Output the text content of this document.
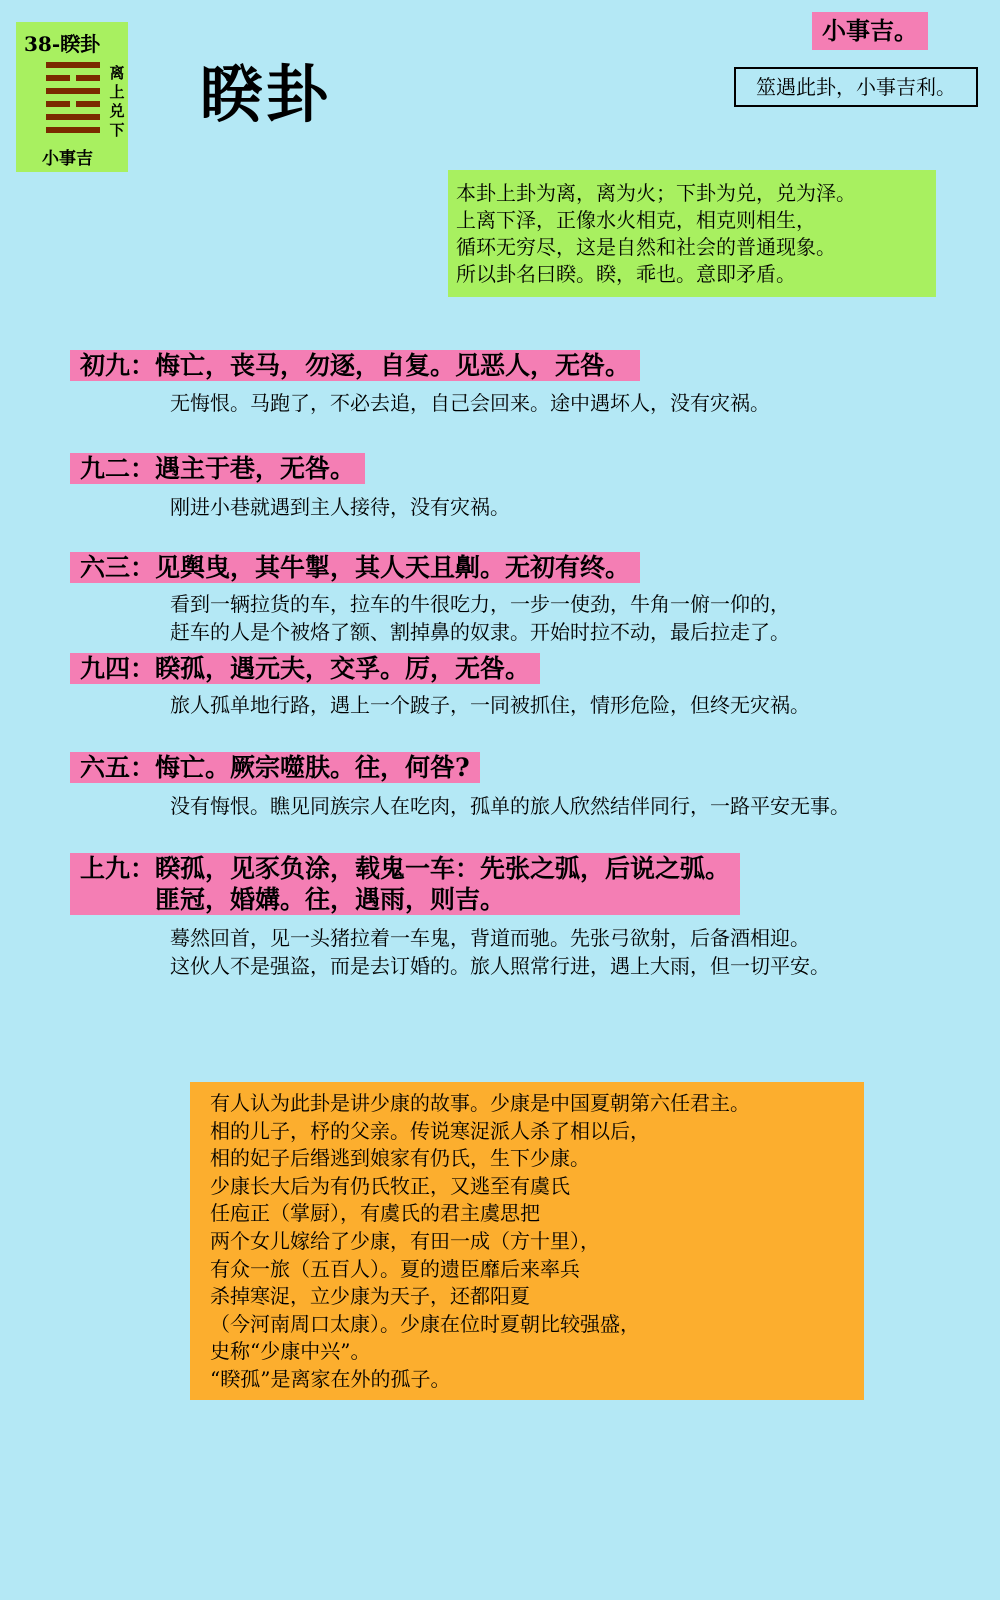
38-睽卦
离上
兑下
小事吉
睽卦
小事吉。
筮遇此卦，小事吉利。
本卦上卦为离，离为火；下卦为兑，兑为泽。
上离下泽，正像水火相克，相克则相生，
循环无穷尽，这是自然和社会的普通现象。
所以卦名曰睽。睽，乖也。意即矛盾。
初九：悔亡，丧马，勿逐，自复。见恶人，无咎。
无悔恨。马跑了，不必去追，自己会回来。途中遇坏人，没有灾祸。
九二：遇主于巷，无咎。
刚进小巷就遇到主人接待，没有灾祸。
六三：见舆曳，其牛掣，其人天且劓。无初有终。
看到一辆拉货的车，拉车的牛很吃力，一步一使劲，牛角一俯一仰的，
赶车的人是个被烙了额、割掉鼻的奴隶。开始时拉不动，最后拉走了。
九四：睽孤，遇元夫，交孚。厉，无咎。
旅人孤单地行路，遇上一个跛子，一同被抓住，情形危险，但终无灾祸。
六五：悔亡。厥宗噬肤。往，何咎?
没有悔恨。瞧见同族宗人在吃肉，孤单的旅人欣然结伴同行，一路平安无事。
上九：睽孤，见豕负涂，载鬼一车：先张之弧，后说之弧。
　　　匪冠，婚媾。往，遇雨，则吉。
蓦然回首，见一头猪拉着一车鬼，背道而驰。先张弓欲射，后备酒相迎。
这伙人不是强盗，而是去订婚的。旅人照常行进，遇上大雨，但一切平安。
有人认为此卦是讲少康的故事。少康是中国夏朝第六任君主。
相的儿子，杼的父亲。传说寒浞派人杀了相以后，
相的妃子后缗逃到娘家有仍氏，生下少康。
少康长大后为有仍氏牧正，又逃至有虞氏
任庖正（掌厨），有虞氏的君主虞思把
两个女儿嫁给了少康，有田一成（方十里），
有众一旅（五百人）。夏的遗臣靡后来率兵
杀掉寒浞，立少康为天子，还都阳夏
（今河南周口太康）。少康在位时夏朝比较强盛，
史称“少康中兴”。
“睽孤”是离家在外的孤子。
